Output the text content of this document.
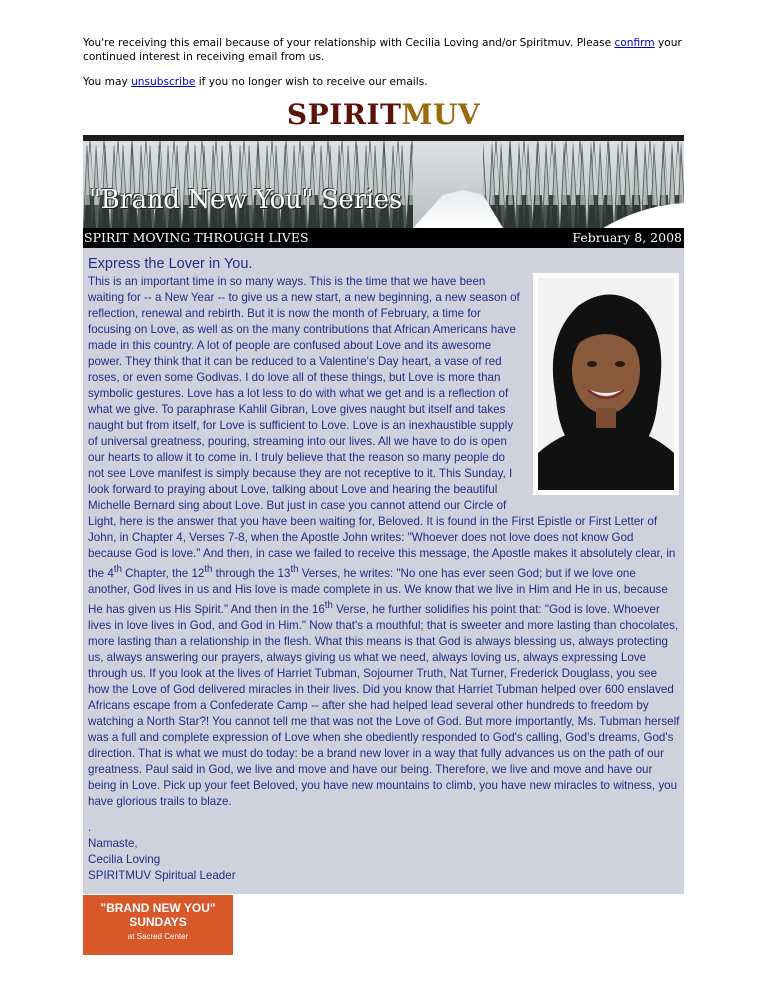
You're receiving this email because of your relationship with Cecilia Loving and/or Spiritmuv. Please confirm your continued interest in receiving email from us.

You may unsubscribe if you no longer wish to receive our emails.

SPIRITMUV
"Brand New You" Series
SPIRIT MOVING THROUGH LIVES	February 8, 2008
Express the Lover in You.

This is an important time in so many ways. This is the time that we have been waiting for -- a New Year -- to give us a new start, a new beginning, a new season of reflection, renewal and rebirth. But it is now the month of February, a time for focusing on Love, as well as on the many contributions that African Americans have made in this country. A lot of people are confused about Love and its awesome power. They think that it can be reduced to a Valentine's Day heart, a vase of red roses, or even some Godivas. I do love all of these things, but Love is more than symbolic gestures. Love has a lot less to do with what we get and is a reflection of what we give. To paraphrase Kahlil Gibran, Love gives naught but itself and takes naught but from itself, for Love is sufficient to Love. Love is an inexhaustible supply of universal greatness, pouring, streaming into our lives. All we have to do is open our hearts to allow it to come in. I truly believe that the reason so many people do not see Love manifest is simply because they are not receptive to it. This Sunday, I look forward to praying about Love, talking about Love and hearing the beautiful Michelle Bernard sing about Love. But just in case you cannot attend our Circle of Light, here is the answer that you have been waiting for, Beloved. It is found in the First Epistle or First Letter of John, in Chapter 4, Verses 7-8, when the Apostle John writes: "Whoever does not love does not know God because God is love." And then, in case we failed to receive this message, the Apostle makes it absolutely clear, in the 4th Chapter, the 12th through the 13th Verses, he writes: "No one has ever seen God; but if we love one another, God lives in us and His love is made complete in us. We know that we live in Him and He in us, because He has given us His Spirit." And then in the 16th Verse, he further solidifies his point that: "God is love. Whoever lives in love lives in God, and God in Him." Now that's a mouthful; that is sweeter and more lasting than chocolates, more lasting than a relationship in the flesh. What this means is that God is always blessing us, always protecting us, always answering our prayers, always giving us what we need, always loving us, always expressing Love through us. If you look at the lives of Harriet Tubman, Sojourner Truth, Nat Turner, Frederick Douglass, you see how the Love of God delivered miracles in their lives. Did you know that Harriet Tubman helped over 600 enslaved Africans escape from a Confederate Camp -- after she had helped lead several other hundreds to freedom by watching a North Star?! You cannot tell me that was not the Love of God. But more importantly, Ms. Tubman herself was a full and complete expression of Love when she obediently responded to God's calling, God's dreams, God's direction. That is what we must do today: be a brand new lover in a way that fully advances us on the path of our greatness. Paul said in God, we live and move and have our being. Therefore, we live and move and have our being in Love. Pick up your feet Beloved, you have new mountains to climb, you have new miracles to witness, you have glorious trails to blaze.

.
Namaste,
Cecilia Loving
SPIRITMUV Spiritual Leader
"BRAND NEW YOU"
SUNDAYS
at Sacred Center
